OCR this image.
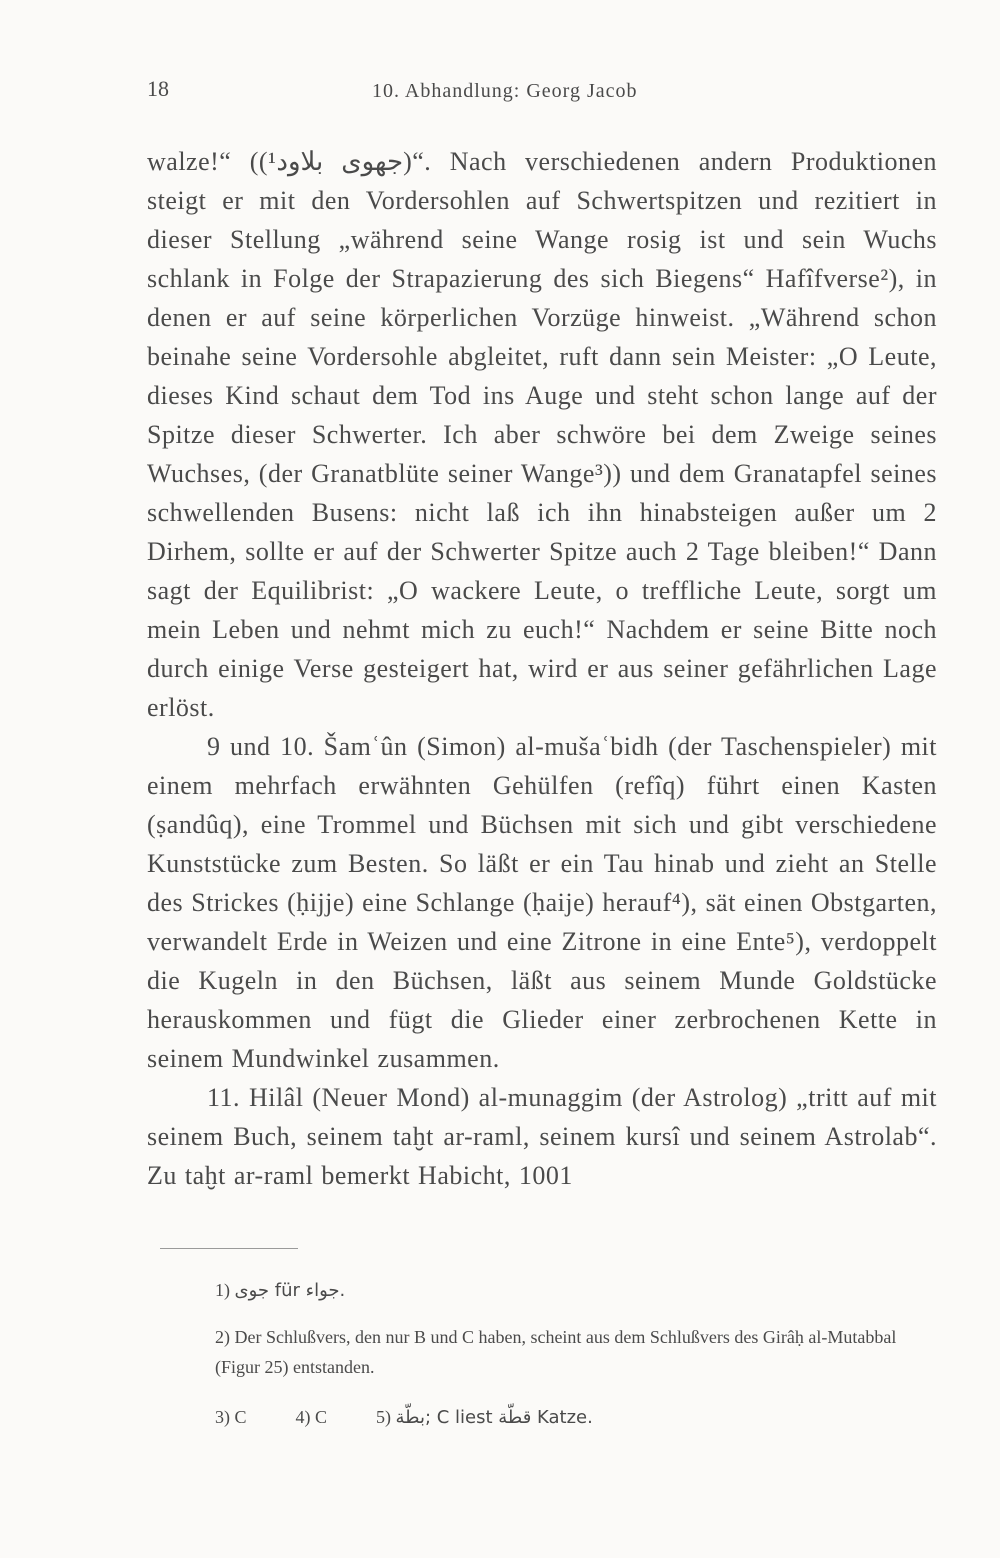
18	10. Abhandlung: Georg Jacob

walze!“ ((¹جهوى بلاود)“. Nach verschiedenen andern Produktionen steigt er mit den Vordersohlen auf Schwertspitzen und rezitiert in dieser Stellung „während seine Wange rosig ist und sein Wuchs schlank in Folge der Strapazierung des sich Biegens“ Hafîfverse²), in denen er auf seine körperlichen Vorzüge hinweist. „Während schon beinahe seine Vordersohle abgleitet, ruft dann sein Meister: „O Leute, dieses Kind schaut dem Tod ins Auge und steht schon lange auf der Spitze dieser Schwerter. Ich aber schwöre bei dem Zweige seines Wuchses, (der Granatblüte seiner Wange³)) und dem Granatapfel seines schwellenden Busens: nicht laß ich ihn hinabsteigen außer um 2 Dirhem, sollte er auf der Schwerter Spitze auch 2 Tage bleiben!“ Dann sagt der Equilibrist: „O wackere Leute, o treffliche Leute, sorgt um mein Leben und nehmt mich zu euch!“ Nachdem er seine Bitte noch durch einige Verse gesteigert hat, wird er aus seiner gefährlichen Lage erlöst.

9 und 10. Šamʿûn (Simon) al-mušaʿbidh (der Taschenspieler) mit einem mehrfach erwähnten Gehülfen (refîq) führt einen Kasten (ṣandûq), eine Trommel und Büchsen mit sich und gibt verschiedene Kunststücke zum Besten. So läßt er ein Tau hinab und zieht an Stelle des Strickes (ḥijje) eine Schlange (ḥaije) herauf⁴), sät einen Obstgarten, verwandelt Erde in Weizen und eine Zitrone in eine Ente⁵), verdoppelt die Kugeln in den Büchsen, läßt aus seinem Munde Goldstücke herauskommen und fügt die Glieder einer zerbrochenen Kette in seinem Mundwinkel zusammen.

11. Hilâl (Neuer Mond) al-munaggim (der Astrolog) „tritt auf mit seinem Buch, seinem taḫt ar-raml, seinem kursî und seinem Astrolab“. Zu taḫt ar-raml bemerkt Habicht, 1001

1) جوى für جواء.

2) Der Schlußvers, den nur B und C haben, scheint aus dem Schlußvers des Girâḥ al-Mutabbal (Figur 25) entstanden.

3) C	4) C	5) بطّة; C liest قطّة Katze.
